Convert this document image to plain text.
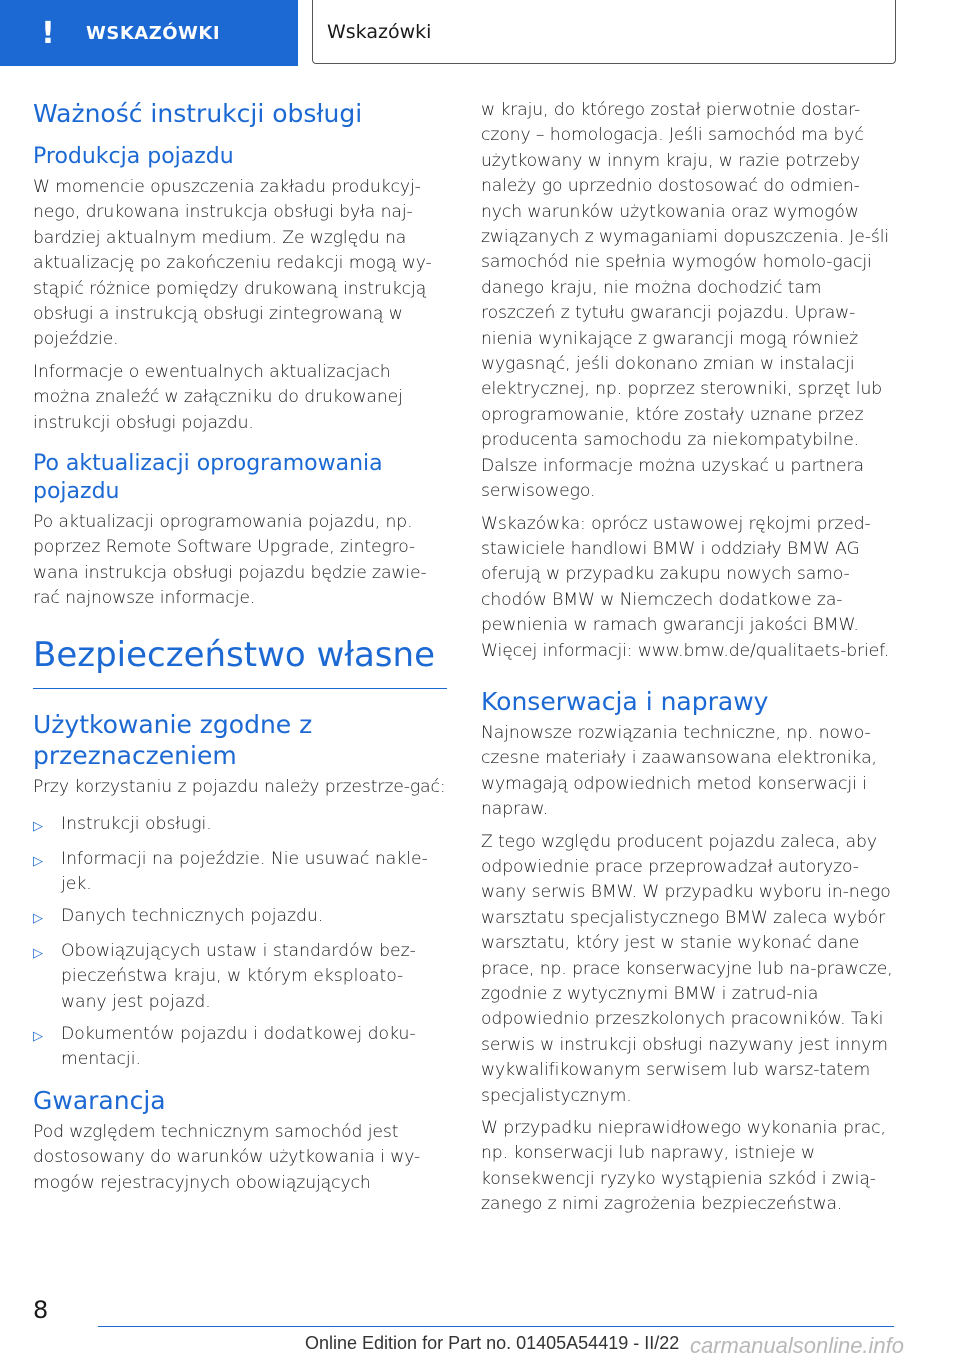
! WSKAZÓWKI	Wskazówki
Ważność instrukcji obsługi
Produkcja pojazdu

W momencie opuszczenia zakładu produkcyj-nego, drukowana instrukcja obsługi była naj-bardziej aktualnym medium. Ze względu na aktualizację po zakończeniu redakcji mogą wy-stąpić różnice pomiędzy drukowaną instrukcją obsługi a instrukcją obsługi zintegrowaną w pojeździe.

Informacje o ewentualnych aktualizacjach można znaleźć w załączniku do drukowanej instrukcji obsługi pojazdu.

Po aktualizacji oprogramowania pojazdu

Po aktualizacji oprogramowania pojazdu, np. poprzez Remote Software Upgrade, zintegro-wana instrukcja obsługi pojazdu będzie zawie-rać najnowsze informacje.

Bezpieczeństwo własne
Użytkowanie zgodne z przeznaczeniem

Przy korzystaniu z pojazdu należy przestrze-gać:

▷	Instrukcji obsługi.
▷	Informacji na pojeździe. Nie usuwać nakle-jek.
▷	Danych technicznych pojazdu.
▷	Obowiązujących ustaw i standardów bez-pieczeństwa kraju, w którym eksploato-wany jest pojazd.
▷	Dokumentów pojazdu i dodatkowej doku-mentacji.
Gwarancja

Pod względem technicznym samochód jest dostosowany do warunków użytkowania i wy-mogów rejestracyjnych obowiązujących

w kraju, do którego został pierwotnie dostar-czony – homologacja. Jeśli samochód ma być użytkowany w innym kraju, w razie potrzeby należy go uprzednio dostosować do odmien-nych warunków użytkowania oraz wymogów związanych z wymaganiami dopuszczenia. Je-śli samochód nie spełnia wymogów homolo-gacji danego kraju, nie można dochodzić tam roszczeń z tytułu gwarancji pojazdu. Upraw-nienia wynikające z gwarancji mogą również wygasnąć, jeśli dokonano zmian w instalacji elektrycznej, np. poprzez sterowniki, sprzęt lub oprogramowanie, które zostały uznane przez producenta samochodu za niekompatybilne. Dalsze informacje można uzyskać u partnera serwisowego.

Wskazówka: oprócz ustawowej rękojmi przed-stawiciele handlowi BMW i oddziały BMW AG oferują w przypadku zakupu nowych samo-chodów BMW w Niemczech dodatkowe za-pewnienia w ramach gwarancji jakości BMW. Więcej informacji: www.bmw.de/qualitaets-brief.

Konserwacja i naprawy

Najnowsze rozwiązania techniczne, np. nowo-czesne materiały i zaawansowana elektronika, wymagają odpowiednich metod konserwacji i napraw.

Z tego względu producent pojazdu zaleca, aby odpowiednie prace przeprowadzał autoryzo-wany serwis BMW. W przypadku wyboru in-nego warsztatu specjalistycznego BMW zaleca wybór warsztatu, który jest w stanie wykonać dane prace, np. prace konserwacyjne lub na-prawcze, zgodnie z wytycznymi BMW i zatrud-nia odpowiednio przeszkolonych pracowników. Taki serwis w instrukcji obsługi nazywany jest innym wykwalifikowanym serwisem lub warsz-tatem specjalistycznym.

W przypadku nieprawidłowego wykonania prac, np. konserwacji lub naprawy, istnieje w konsekwencji ryzyko wystąpienia szkód i zwią-zanego z nimi zagrożenia bezpieczeństwa.

8
Online Edition for Part no. 01405A54419 - II/22 carmanualsonline.info
